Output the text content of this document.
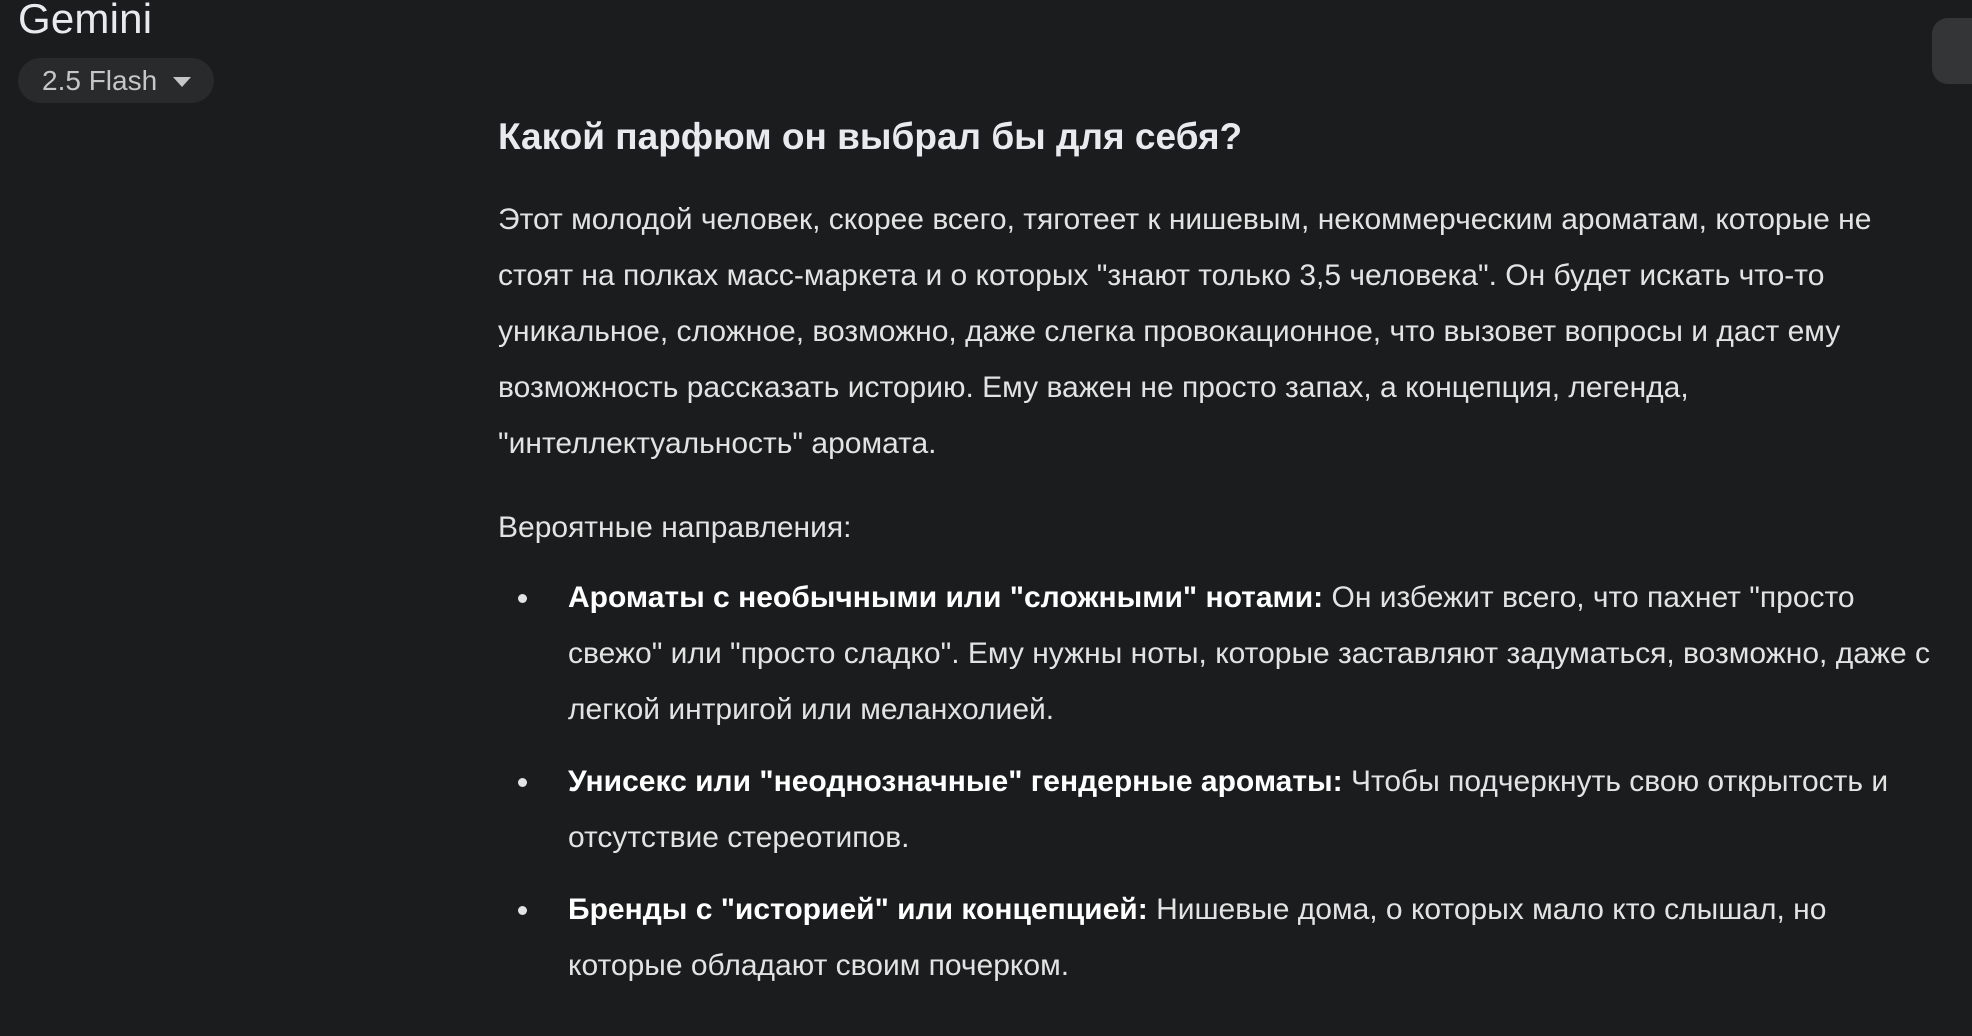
Gemini
2.5 Flash
Какой парфюм он выбрал бы для себя?

Этот молодой человек, скорее всего, тяготеет к нишевым, некоммерческим ароматам, которые не стоят на полках масс-маркета и о которых "знают только 3,5 человека". Он будет искать что-то уникальное, сложное, возможно, даже слегка провокационное, что вызовет вопросы и даст ему возможность рассказать историю. Ему важен не просто запах, а концепция, легенда, "интеллектуальность" аромата.

Вероятные направления:

Ароматы с необычными или "сложными" нотами: Он избежит всего, что пахнет "просто свежо" или "просто сладко". Ему нужны ноты, которые заставляют задуматься, возможно, даже с легкой интригой или меланхолией.
Унисекс или "неоднозначные" гендерные ароматы: Чтобы подчеркнуть свою открытость и отсутствие стереотипов.
Бренды с "историей" или концепцией: Нишевые дома, о которых мало кто слышал, но которые обладают своим почерком.
